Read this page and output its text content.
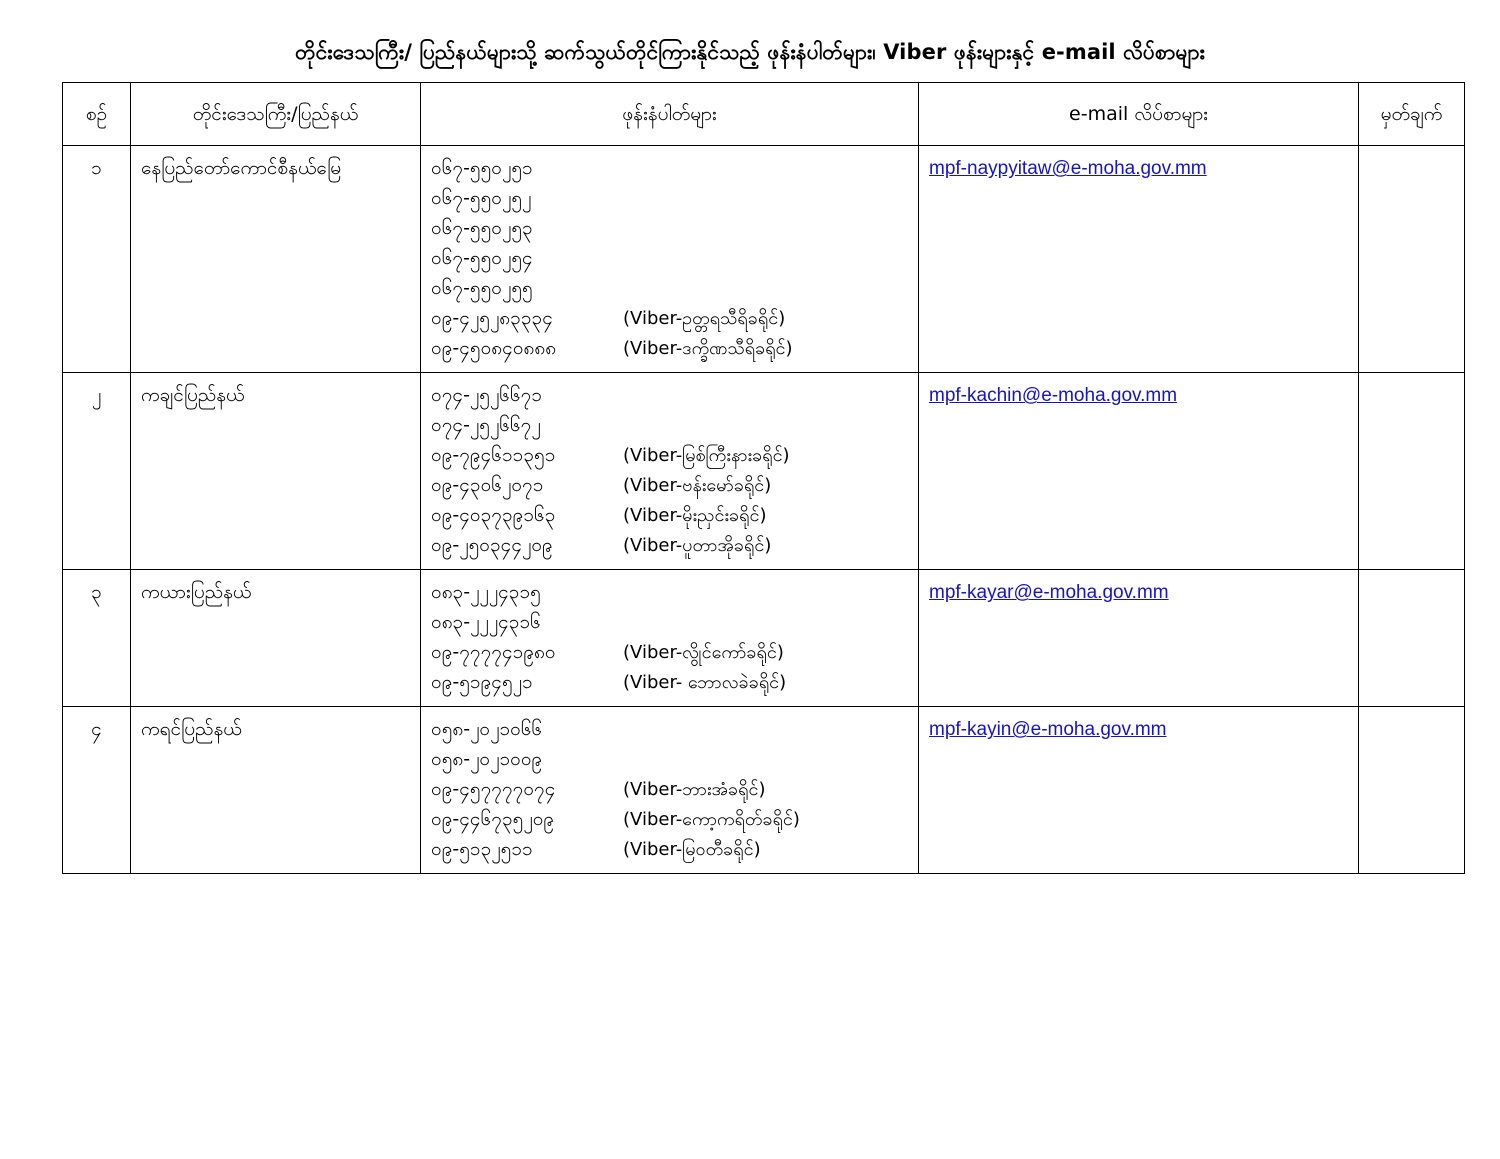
တိုင်းဒေသကြီး/ ပြည်နယ်များသို့ ဆက်သွယ်တိုင်ကြားနိုင်သည့် ဖုန်းနံပါတ်များ၊ Viber ဖုန်းများနှင့် e-mail လိပ်စာများ
စဉ်	တိုင်းဒေသကြီး/ပြည်နယ်	ဖုန်းနံပါတ်များ	e-mail လိပ်စာများ	မှတ်ချက်
၁	နေပြည်တော်ကောင်စီနယ်မြေ	၀၆၇-၅၅၀၂၅၁
၀၆၇-၅၅၀၂၅၂
၀၆၇-၅၅၀၂၅၃
၀၆၇-၅၅၀၂၅၄
၀၆၇-၅၅၀၂၅၅
၀၉-၄၂၅၂၈၃၃၃၄	(Viber-ဥတ္တရသီရိခရိုင်)
၀၉-၄၅၀၈၄၀၈၈၈	(Viber-ဒက္ခိဏသီရိခရိုင်)
	mpf-naypyitaw@e-moha.gov.mm	
၂	ကချင်ပြည်နယ်	၀၇၄-၂၅၂၆၆၇၁
၀၇၄-၂၅၂၆၆၇၂
၀၉-၇၉၄၆၁၁၃၅၁	(Viber-မြစ်ကြီးနားခရိုင်)
၀၉-၄၃၀၆၂၀၇၁	(Viber-ဗန်းမော်ခရိုင်)
၀၉-၄၀၃၇၃၉၁၆၃	(Viber-မိုးညှင်းခရိုင်)
၀၉-၂၅၀၃၄၄၂၀၉	(Viber-ပူတာအိုခရိုင်)
	mpf-kachin@e-moha.gov.mm	
၃	ကယားပြည်နယ်	၀၈၃-၂၂၂၄၃၁၅
၀၈၃-၂၂၂၄၃၁၆
၀၉-၇၇၇၇၄၁၉၈၀	(Viber-လွိုင်ကော်ခရိုင်)
၀၉-၅၁၉၄၅၂၁	(Viber- ဘောလခဲခရိုင်)
	mpf-kayar@e-moha.gov.mm	
၄	ကရင်ပြည်နယ်	၀၅၈-၂၀၂၁၀၆၆
၀၅၈-၂၀၂၁၀၀၉
၀၉-၄၅၇၇၇၇၀၇၄	(Viber-ဘားအံခရိုင်)
၀၉-၄၄၆၇၃၅၂၀၉	(Viber-ကော့ကရိတ်ခရိုင်)
၀၉-၅၁၃၂၅၁၁	(Viber-မြဝတီခရိုင်)
	mpf-kayin@e-moha.gov.mm	
